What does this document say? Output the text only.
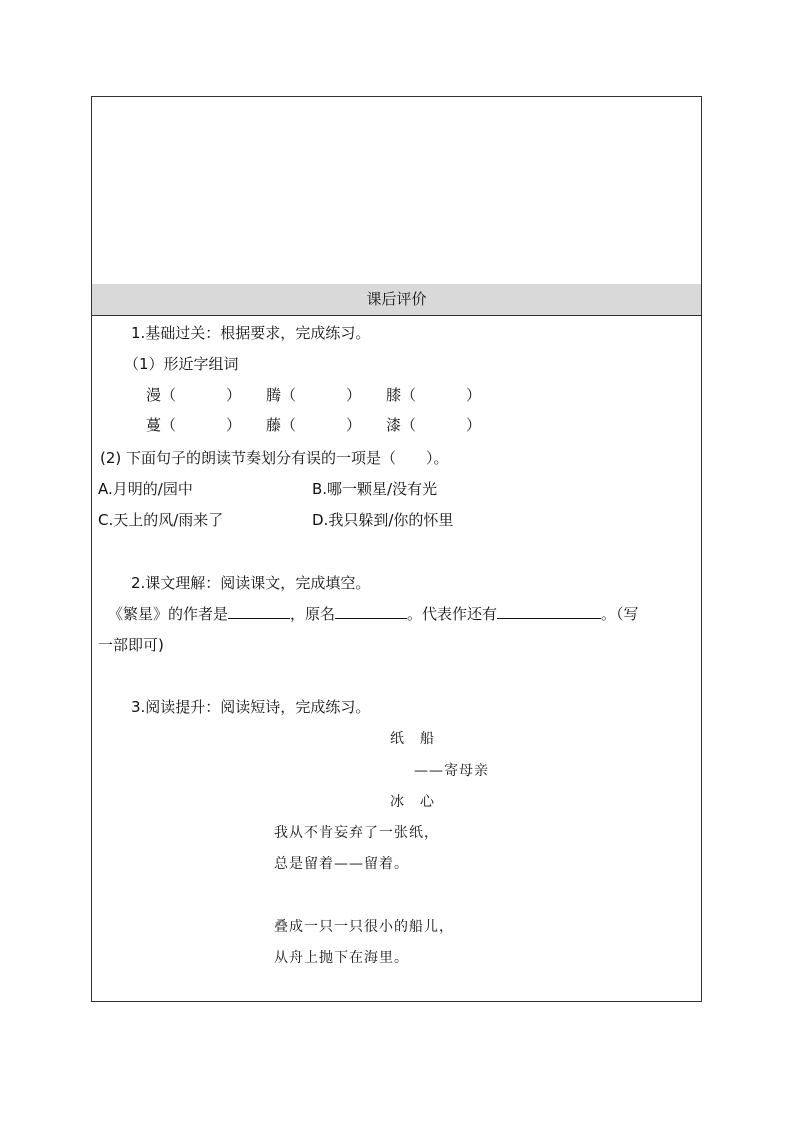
课后评价
1.基础过关：根据要求，完成练习。
（1）形近字组词
漫（	） 腾（	） 膝（	）
蔓（	） 藤（	） 漆（	）
(2) 下面句子的朗读节奏划分有误的一项是（　　）。
A.月明的/园中	B.哪一颗星/没有光
C.天上的风/雨来了	D.我只躲到/你的怀里
2.课文理解：阅读课文，完成填空。
《繁星》的作者是	，原名	。代表作还有	。（写
一部即可)
3.阅读提升：阅读短诗，完成练习。
纸　船
——寄母亲
冰　心
我从不肯妄弃了一张纸，
总是留着——留着。
叠成一只一只很小的船儿，
从舟上抛下在海里。
